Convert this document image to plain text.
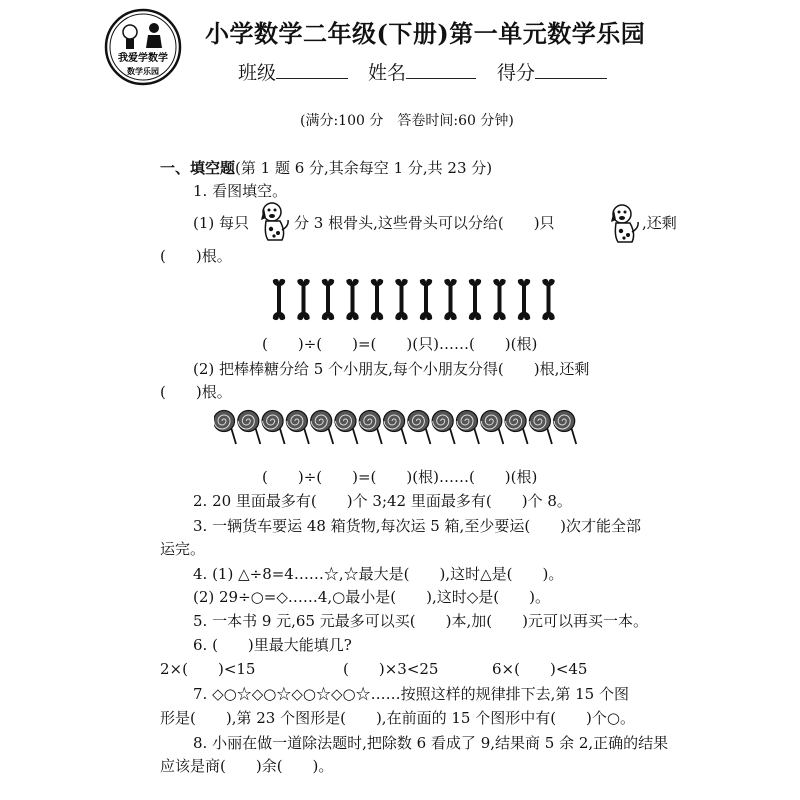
我爱学数学
数学乐园
小学数学二年级(下册)第一单元数学乐园
班级	姓名	得分
(满分:100 分　答卷时间:60 分钟)
一、填空题(第 1 题 6 分,其余每空 1 分,共 23 分)
1. 看图填空。
(1) 每只	分 3 根骨头,这些骨头可以分给(　　)只	,还剩
(　　)根。
(　　)÷(　　)=(　　)(只)……(　　)(根)
(2) 把棒棒糖分给 5 个小朋友,每个小朋友分得(　　)根,还剩
(　　)根。
(　　)÷(　　)=(　　)(根)……(　　)(根)
2. 20 里面最多有(　　)个 3;42 里面最多有(　　)个 8。
3. 一辆货车要运 48 箱货物,每次运 5 箱,至少要运(　　)次才能全部
运完。
4. (1) △÷8=4……☆,☆最大是(　　),这时△是(　　)。
(2) 29÷○=◇……4,○最小是(　　),这时◇是(　　)。
5. 一本书 9 元,65 元最多可以买(　　)本,加(　　)元可以再买一本。
6. (　　)里最大能填几?
2×(　　)<15	(　　)×3<25	6×(　　)<45
7. ◇○☆◇○☆◇○☆◇○☆……按照这样的规律排下去,第 15 个图
形是(　　),第 23 个图形是(　　),在前面的 15 个图形中有(　　)个○。
8. 小丽在做一道除法题时,把除数 6 看成了 9,结果商 5 余 2,正确的结果
应该是商(　　)余(　　)。
